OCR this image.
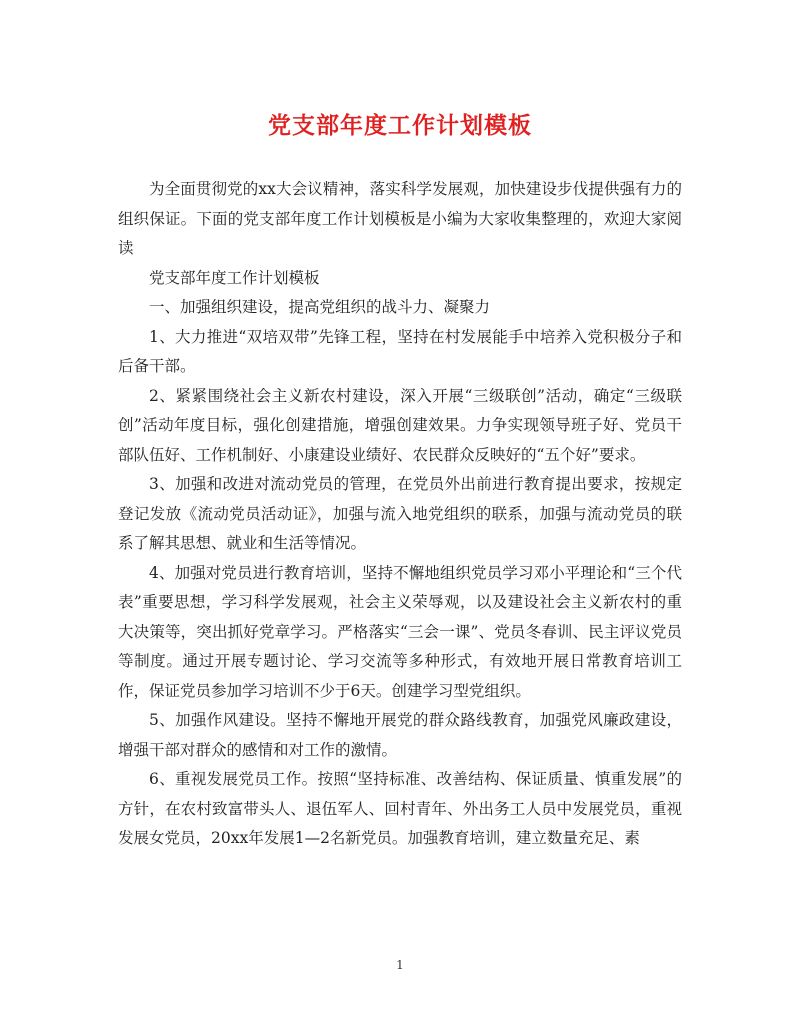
党支部年度工作计划模板

为全面贯彻党的xx大会议精神，落实科学发展观，加快建设步伐提供强有力的组织保证。下面的党支部年度工作计划模板是小编为大家收集整理的，欢迎大家阅读

党支部年度工作计划模板

一、加强组织建设，提高党组织的战斗力、凝聚力

1、大力推进“双培双带”先锋工程，坚持在村发展能手中培养入党积极分子和后备干部。

2、紧紧围绕社会主义新农村建设，深入开展“三级联创”活动，确定“三级联创”活动年度目标，强化创建措施，增强创建效果。力争实现领导班子好、党员干部队伍好、工作机制好、小康建设业绩好、农民群众反映好的“五个好”要求。

3、加强和改进对流动党员的管理，在党员外出前进行教育提出要求，按规定登记发放《流动党员活动证》，加强与流入地党组织的联系，加强与流动党员的联系了解其思想、就业和生活等情况。

4、加强对党员进行教育培训，坚持不懈地组织党员学习邓小平理论和“三个代表”重要思想，学习科学发展观，社会主义荣辱观，以及建设社会主义新农村的重大决策等，突出抓好党章学习。严格落实“三会一课”、党员冬春训、民主评议党员等制度。通过开展专题讨论、学习交流等多种形式，有效地开展日常教育培训工作，保证党员参加学习培训不少于6天。创建学习型党组织。

5、加强作风建设。坚持不懈地开展党的群众路线教育，加强党风廉政建设，增强干部对群众的感情和对工作的激情。

6、重视发展党员工作。按照“坚持标准、改善结构、保证质量、慎重发展”的方针，在农村致富带头人、退伍军人、回村青年、外出务工人员中发展党员，重视发展女党员，20xx年发展1—2名新党员。加强教育培训，建立数量充足、素

1
